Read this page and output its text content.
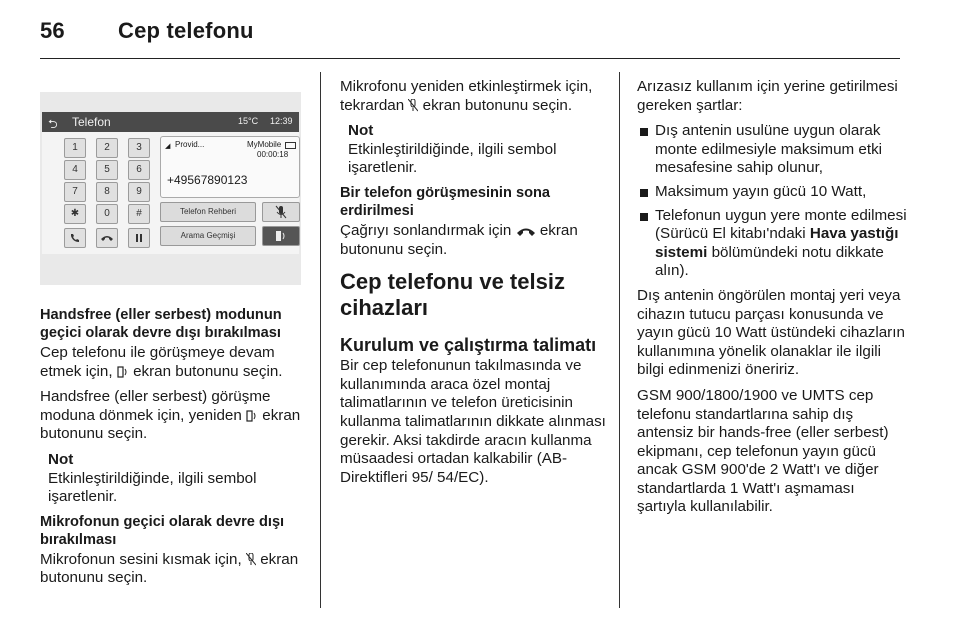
56 Cep telefonu
⮌ Telefon	15°C 12:39
1	2	3
4	5	6
7	8	9
✱	0	#
◢ Provid...	MyMobile
00:00:18
+49567890123
Telefon Rehberi
Arama Geçmişi
Handsfree (eller serbest) modunun geçici olarak devre dışı bırakılması

Cep telefonu ile görüşmeye devam etmek için, ekran butonunu seçin.

Handsfree (eller serbest) görüşme moduna dönmek için, yeniden ekran butonunu seçin.

Not
Etkinleştirildiğinde, ilgili sembol işaretlenir.
Mikrofonun geçici olarak devre dışı bırakılması

Mikrofonun sesini kısmak için, ekran butonunu seçin.

Mikrofonu yeniden etkinleştirmek için, tekrardan ekran butonunu seçin.

Not
Etkinleştirildiğinde, ilgili sembol işaretlenir.
Bir telefon görüşmesinin sona erdirilmesi

Çağrıyı sonlandırmak için ekran butonunu seçin.

Cep telefonu ve telsiz cihazları
Kurulum ve çalıştırma talimatı

Bir cep telefonunun takılmasında ve kullanımında araca özel montaj talimatlarının ve telefon üreticisinin kullanma talimatlarının dikkate alınması gerekir. Aksi takdirde aracın kullanma müsaadesi ortadan kalkabilir (AB-Direktifleri 95/ 54/EC).

Arızasız kullanım için yerine getirilmesi gereken şartlar:

Dış antenin usulüne uygun olarak monte edilmesiyle maksimum etki mesafesine sahip olunur,
Maksimum yayın gücü 10 Watt,
Telefonun uygun yere monte edilmesi (Sürücü El kitabı'ndaki Hava yastığı sistemi bölümündeki notu dikkate alın).

Dış antenin öngörülen montaj yeri veya cihazın tutucu parçası konusunda ve yayın gücü 10 Watt üstündeki cihazların kullanımına yönelik olanaklar ile ilgili bilgi edinmenizi öneririz.

GSM 900/1800/1900 ve UMTS cep telefonu standartlarına sahip dış antensiz bir hands-free (eller serbest) ekipmanı, cep telefonun yayın gücü ancak GSM 900'de 2 Watt'ı ve diğer standartlarda 1 Watt'ı aşmaması şartıyla kullanılabilir.
